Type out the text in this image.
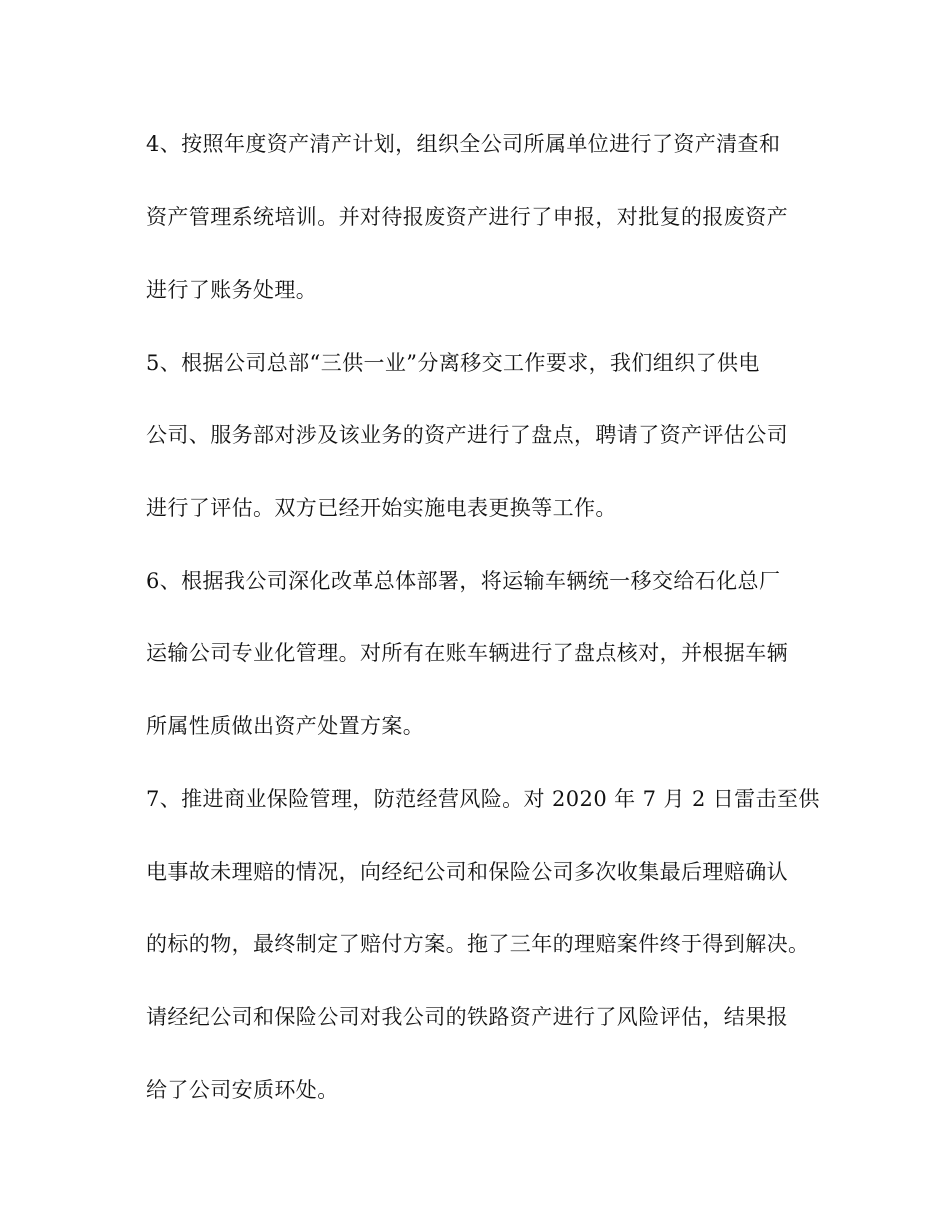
4、按照年度资产清产计划，组织全公司所属单位进行了资产清查和
资产管理系统培训。并对待报废资产进行了申报，对批复的报废资产
进行了账务处理。
5、根据公司总部“三供一业”分离移交工作要求，我们组织了供电
公司、服务部对涉及该业务的资产进行了盘点，聘请了资产评估公司
进行了评估。双方已经开始实施电表更换等工作。
6、根据我公司深化改革总体部署，将运输车辆统一移交给石化总厂
运输公司专业化管理。对所有在账车辆进行了盘点核对，并根据车辆
所属性质做出资产处置方案。
7、推进商业保险管理，防范经营风险。对 2020 年 7 月 2 日雷击至供
电事故未理赔的情况，向经纪公司和保险公司多次收集最后理赔确认
的标的物，最终制定了赔付方案。拖了三年的理赔案件终于得到解决。
请经纪公司和保险公司对我公司的铁路资产进行了风险评估，结果报
给了公司安质环处。
